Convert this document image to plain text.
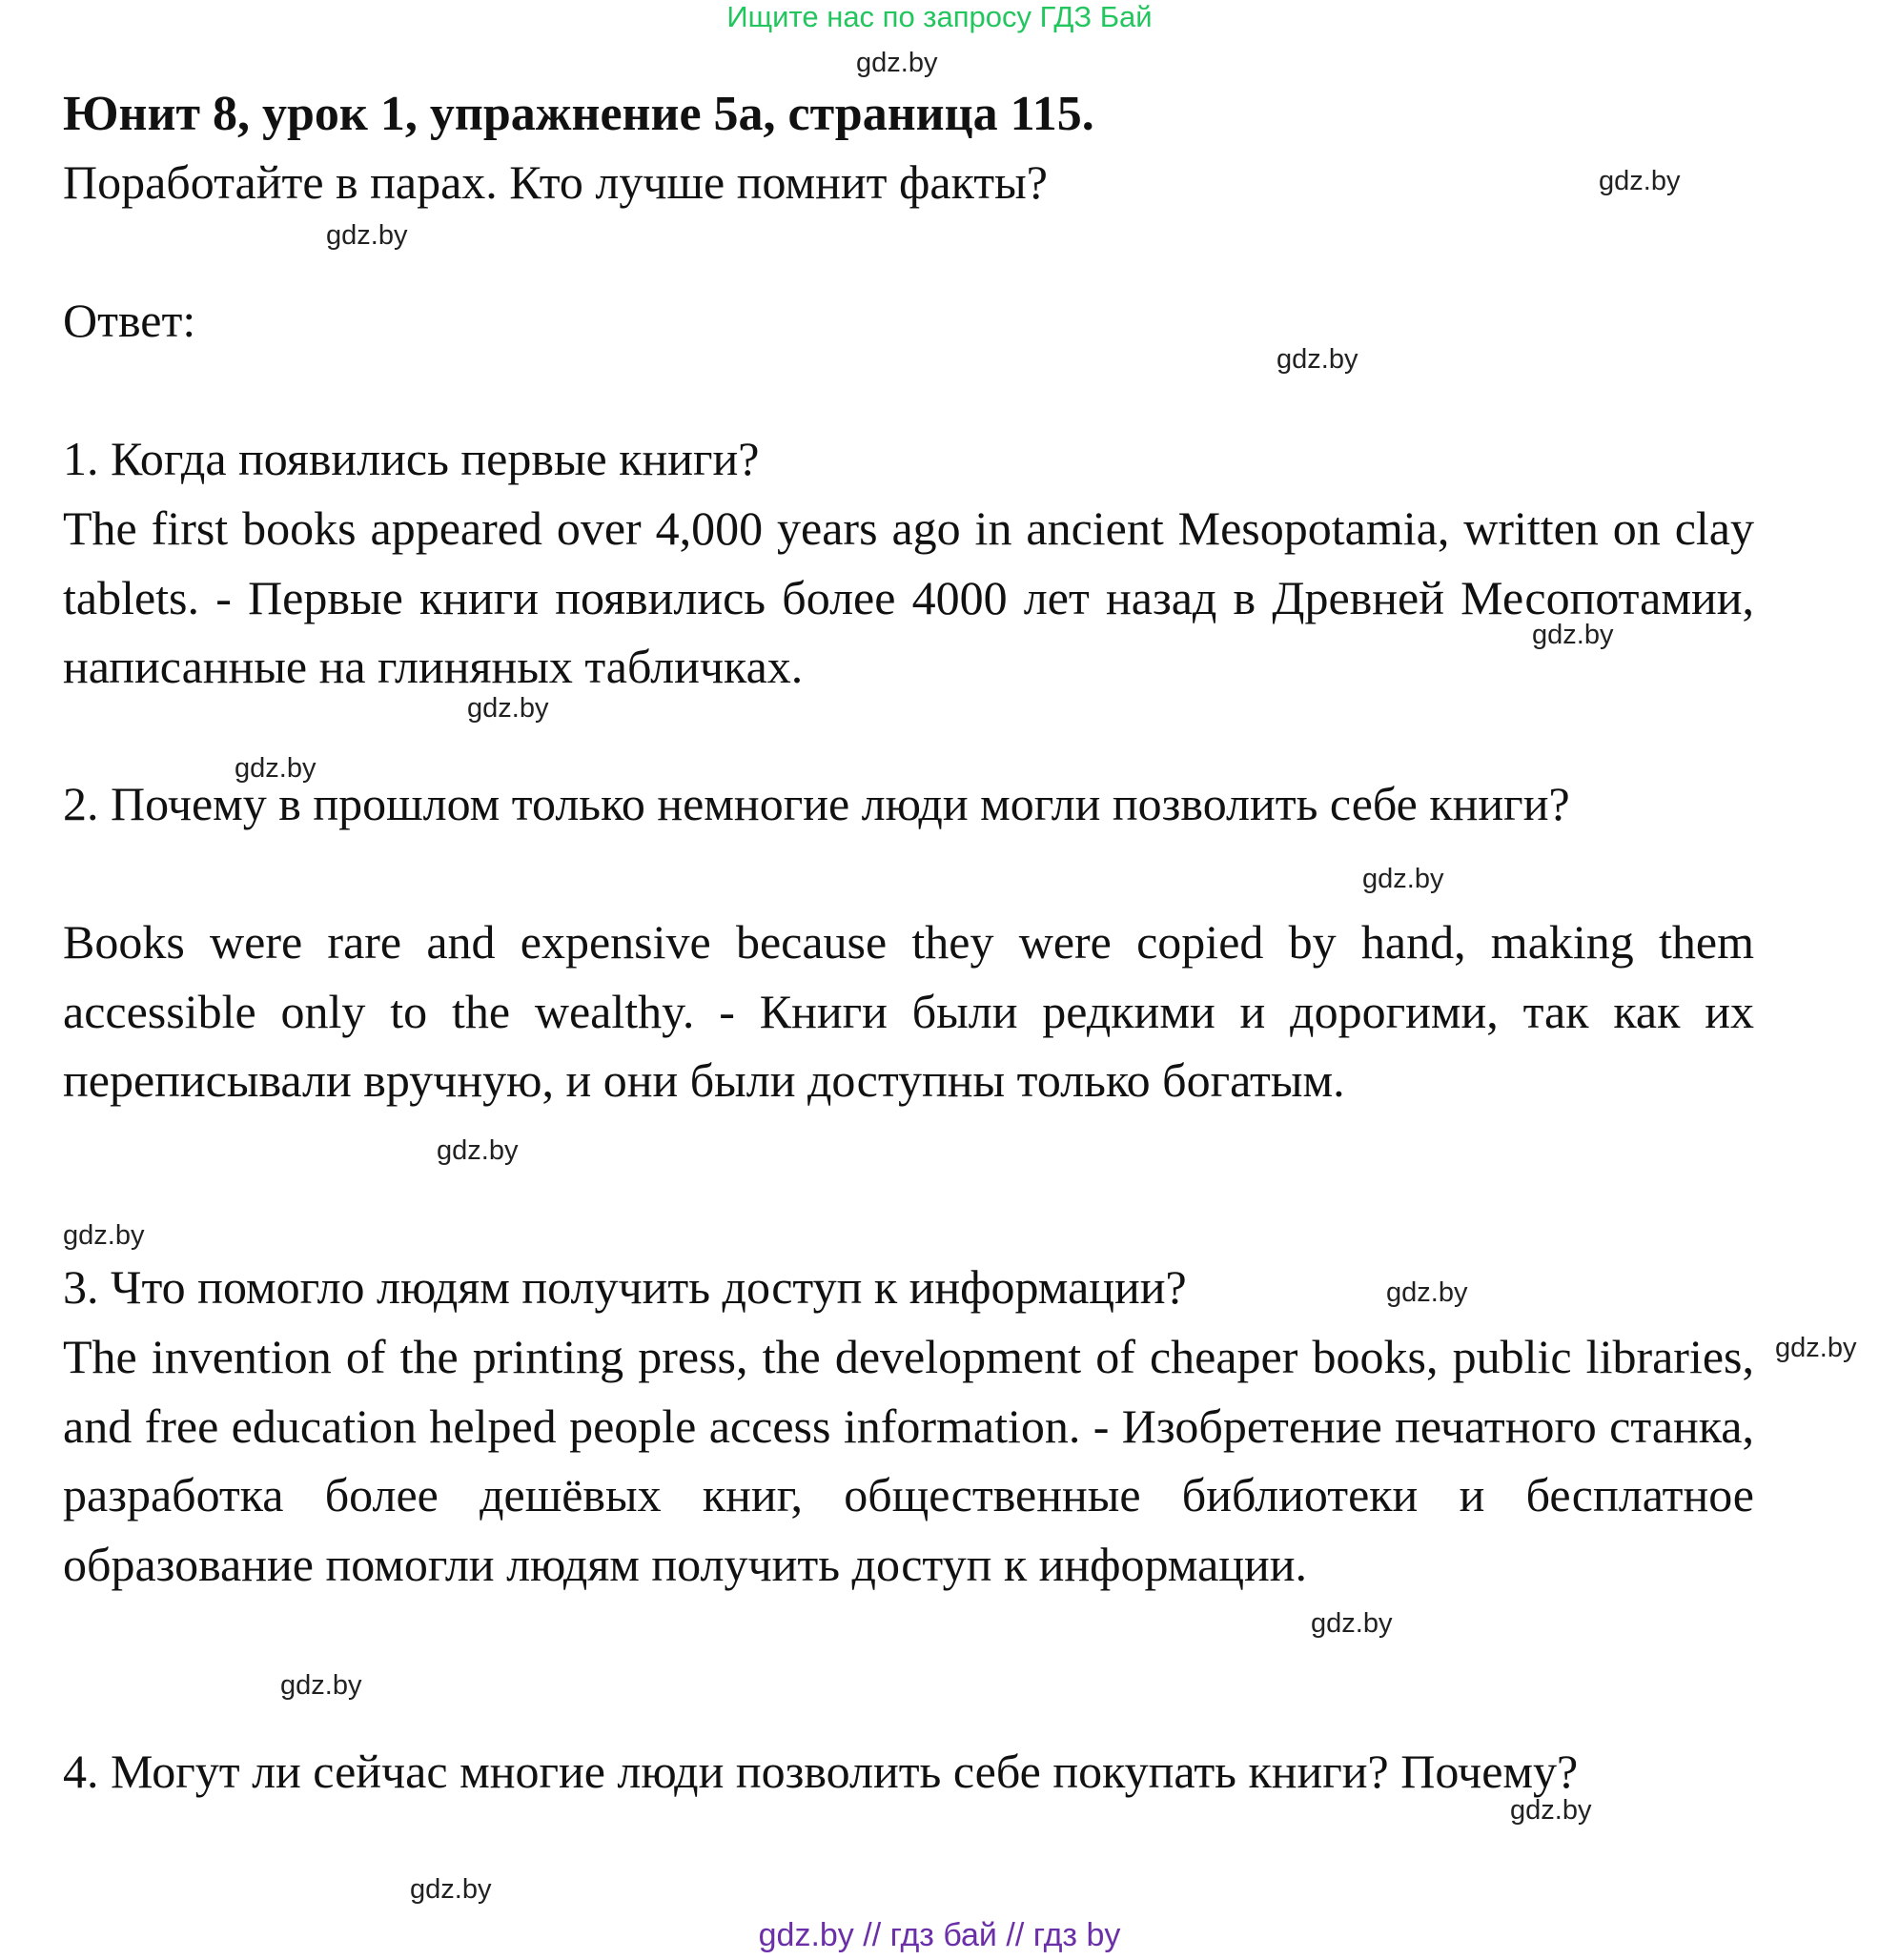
Ищите нас по запросу ГДЗ Бай
Юнит 8, урок 1, упражнение 5а, страница 115.

Поработайте в парах. Кто лучше помнит факты?

Ответ:

1. Когда появились первые книги?

The first books appeared over 4,000 years ago in ancient Mesopotamia, written on clay tablets. - Первые книги появились более 4000 лет назад в Древней Месопотамии, написанные на глиняных табличках.

2. Почему в прошлом только немногие люди могли позволить себе книги?

Books were rare and expensive because they were copied by hand, making them accessible only to the wealthy. - Книги были редкими и дорогими, так как их переписывали вручную, и они были доступны только богатым.

3. Что помогло людям получить доступ к информации?

The invention of the printing press, the development of cheaper books, public libraries, and free education helped people access information. - Изобретение печатного станка, разработка более дешёвых книг, общественные библиотеки и бесплатное образование помогли людям получить доступ к информации.

4. Могут ли сейчас многие люди позволить себе покупать книги? Почему?

gdz.by
gdz.by
gdz.by
gdz.by
gdz.by
gdz.by
gdz.by
gdz.by
gdz.by
gdz.by
gdz.by
gdz.by
gdz.by
gdz.by
gdz.by
gdz.by
gdz.by // гдз бай // гдз by
